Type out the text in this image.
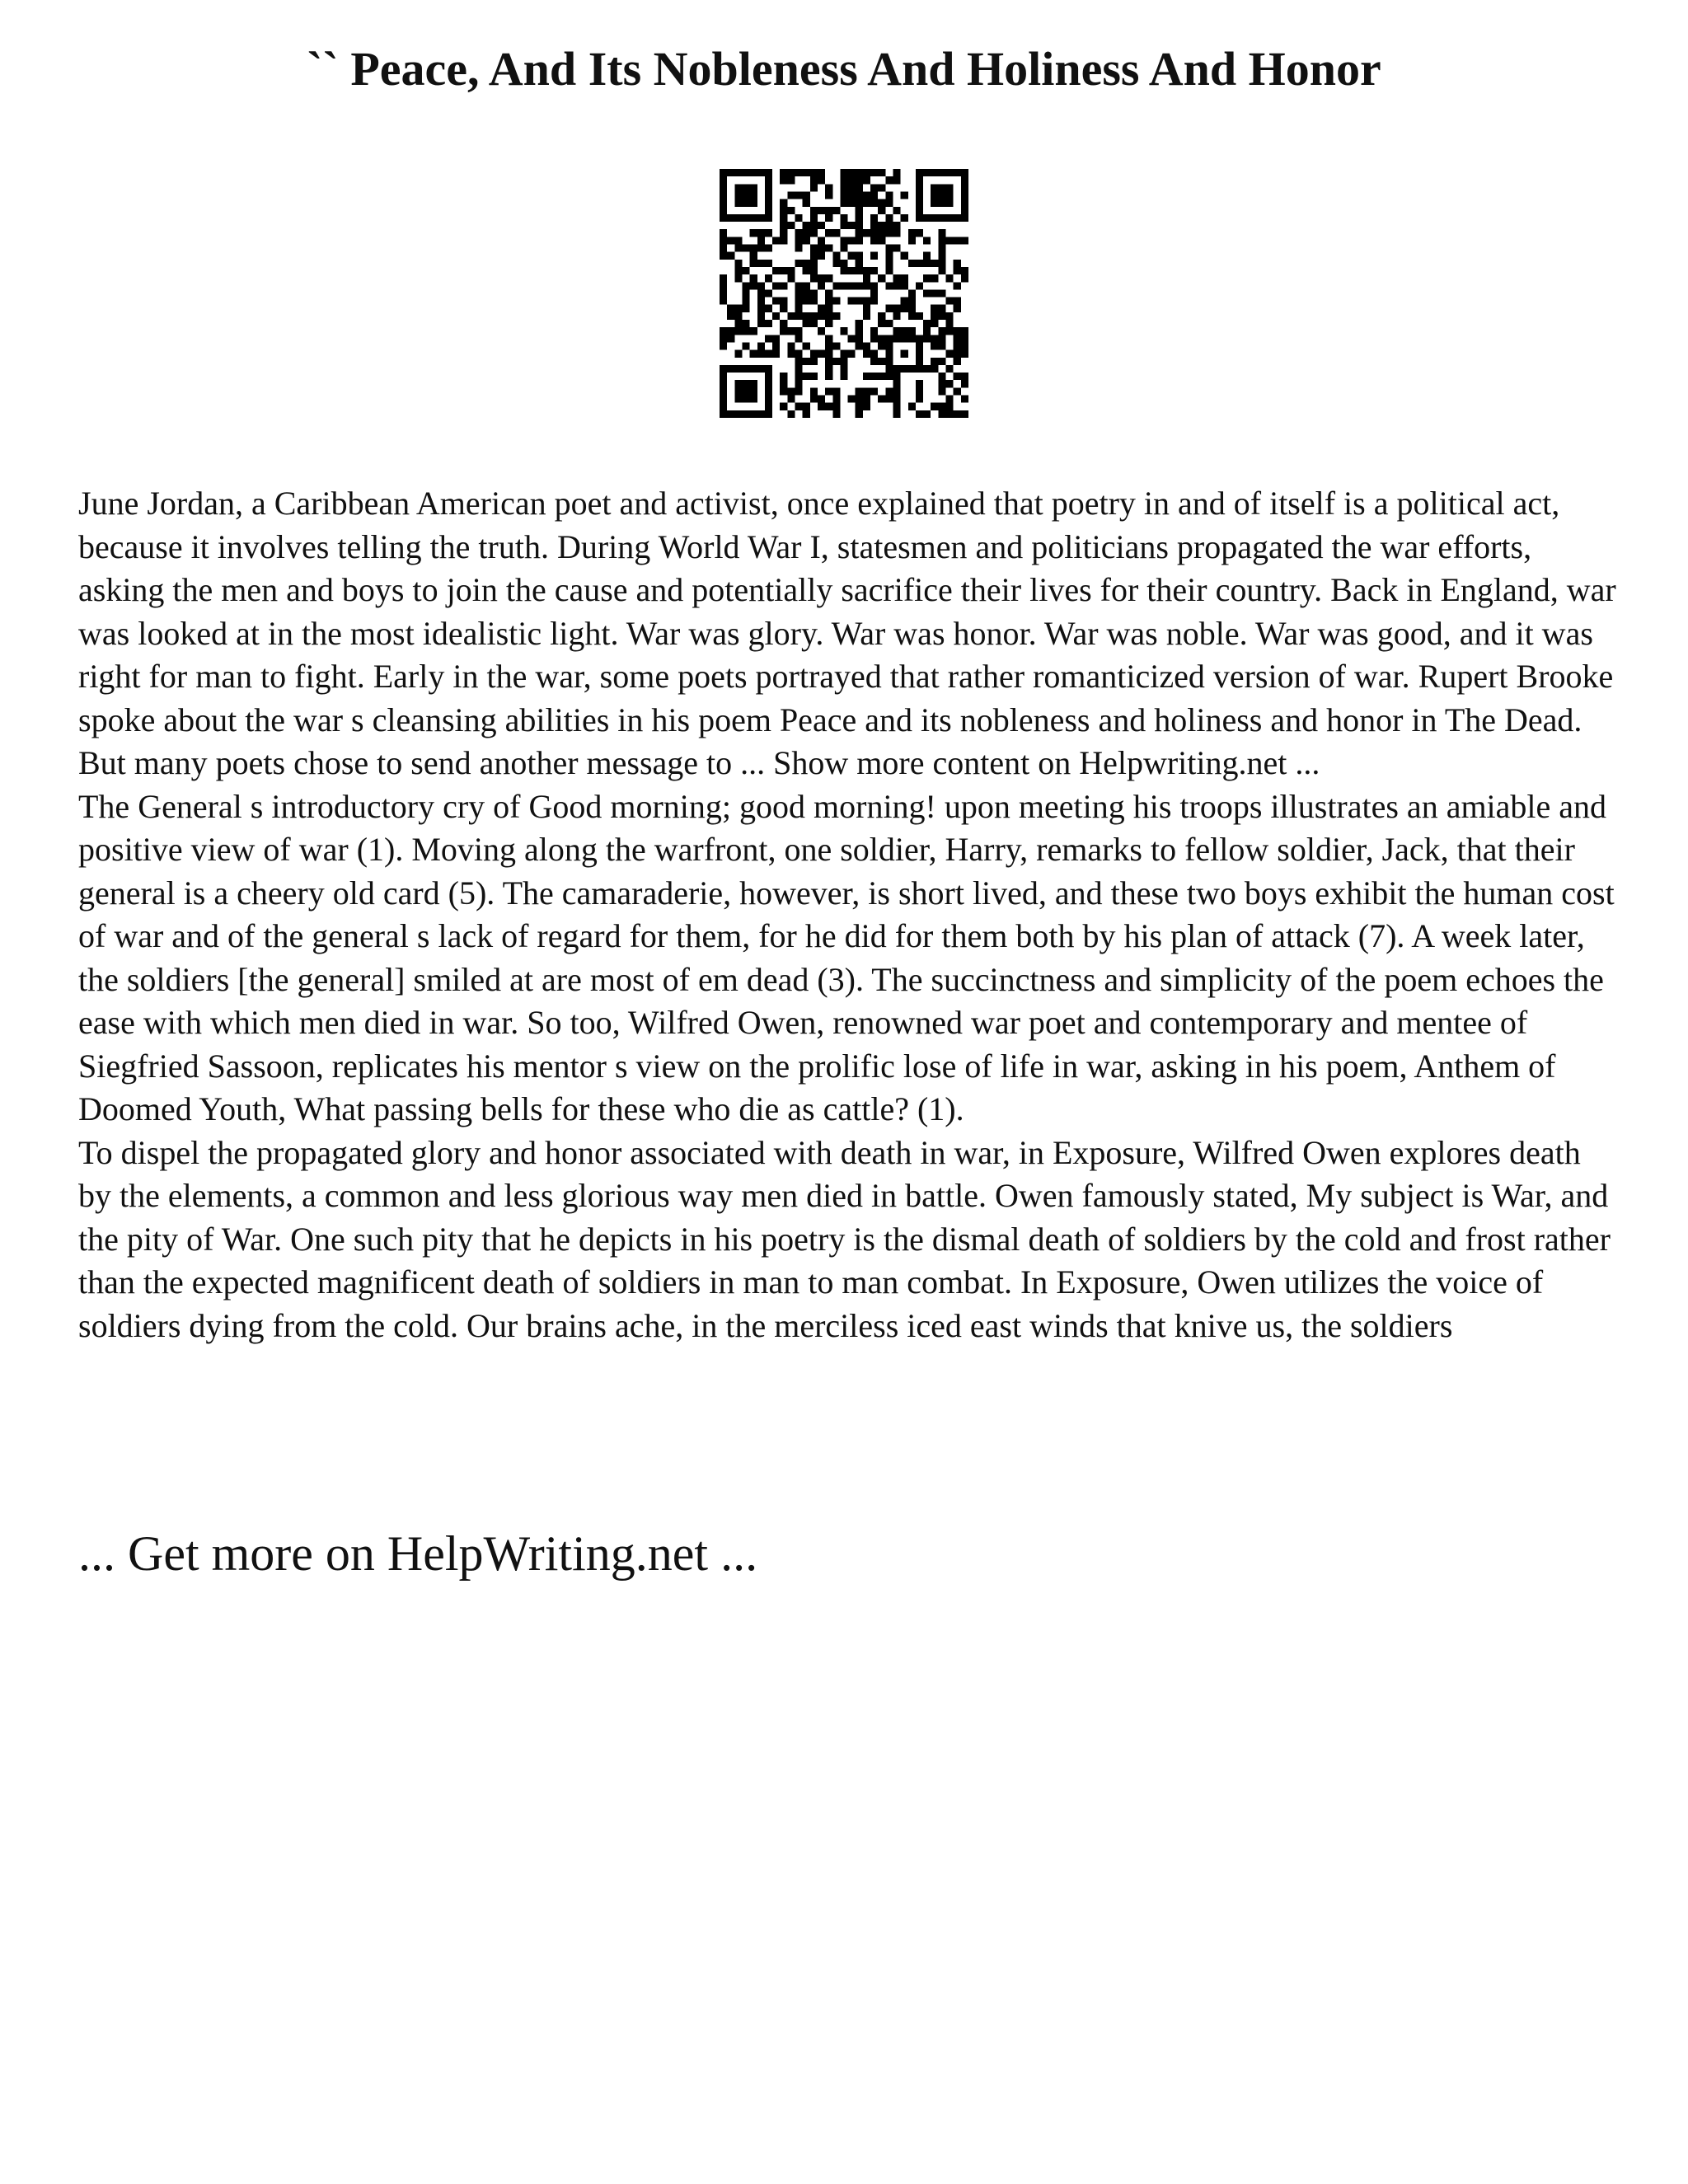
`` Peace, And Its Nobleness And Holiness And Honor

June Jordan, a Caribbean American poet and activist, once explained that poetry in and of itself is a political act, because it involves telling the truth. During World War I, statesmen and politicians propagated the war efforts, asking the men and boys to join the cause and potentially sacrifice their lives for their country. Back in England, war was looked at in the most idealistic light. War was glory. War was honor. War was noble. War was good, and it was right for man to fight. Early in the war, some poets portrayed that rather romanticized version of war. Rupert Brooke spoke about the war s cleansing abilities in his poem Peace and its nobleness and holiness and honor in The Dead. But many poets chose to send another message to ... Show more content on Helpwriting.net ...

The General s introductory cry of Good morning; good morning! upon meeting his troops illustrates an amiable and positive view of war (1). Moving along the warfront, one soldier, Harry, remarks to fellow soldier, Jack, that their general is a cheery old card (5). The camaraderie, however, is short lived, and these two boys exhibit the human cost of war and of the general s lack of regard for them, for he did for them both by his plan of attack (7). A week later, the soldiers [the general] smiled at are most of em dead (3). The succinctness and simplicity of the poem echoes the ease with which men died in war. So too, Wilfred Owen, renowned war poet and contemporary and mentee of Siegfried Sassoon, replicates his mentor s view on the prolific lose of life in war, asking in his poem, Anthem of Doomed Youth, What passing bells for these who die as cattle? (1).

To dispel the propagated glory and honor associated with death in war, in Exposure, Wilfred Owen explores death by the elements, a common and less glorious way men died in battle. Owen famously stated, My subject is War, and the pity of War. One such pity that he depicts in his poetry is the dismal death of soldiers by the cold and frost rather than the expected magnificent death of soldiers in man to man combat. In Exposure, Owen utilizes the voice of soldiers dying from the cold. Our brains ache, in the merciless iced east winds that knive us, the soldiers

... Get more on HelpWriting.net ...
